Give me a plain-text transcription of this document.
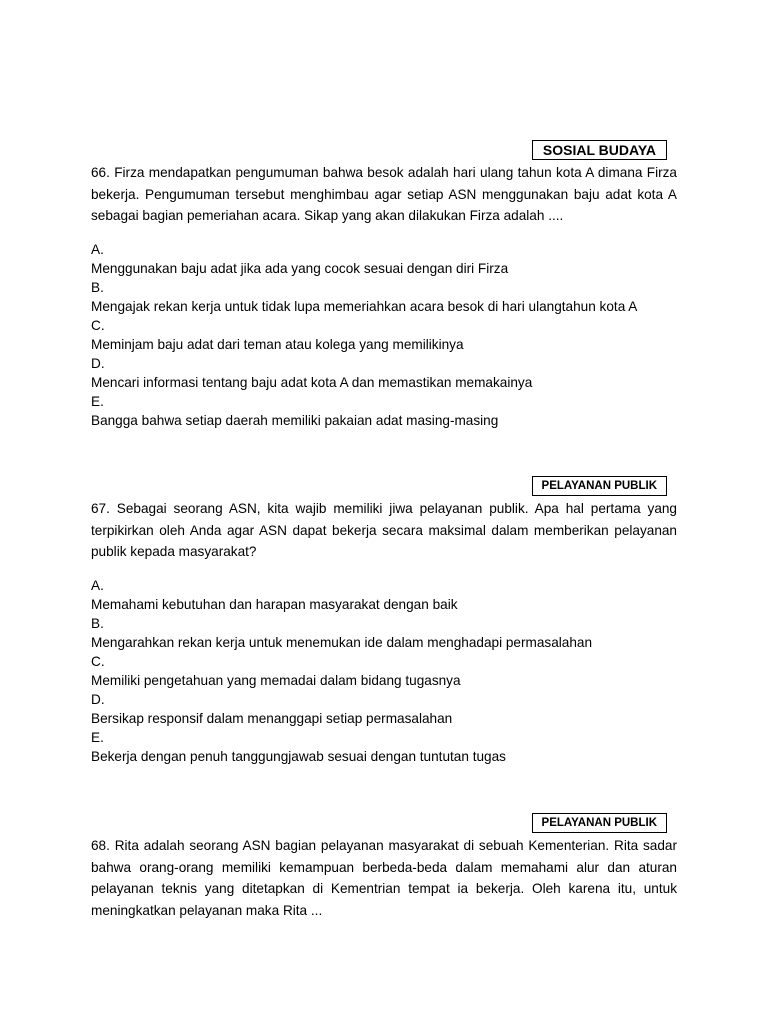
SOSIAL BUDAYA

66. Firza mendapatkan pengumuman bahwa besok adalah hari ulang tahun kota A dimana Firza bekerja. Pengumuman tersebut menghimbau agar setiap ASN menggunakan baju adat kota A sebagai bagian pemeriahan acara. Sikap yang akan dilakukan Firza adalah ....

A.
Menggunakan baju adat jika ada yang cocok sesuai dengan diri Firza
B.
Mengajak rekan kerja untuk tidak lupa memeriahkan acara besok di hari ulangtahun kota A
C.
Meminjam baju adat dari teman atau kolega yang memilikinya
D.
Mencari informasi tentang baju adat kota A dan memastikan memakainya
E.
Bangga bahwa setiap daerah memiliki pakaian adat masing-masing
PELAYANAN PUBLIK

67. Sebagai seorang ASN, kita wajib memiliki jiwa pelayanan publik. Apa hal pertama yang terpikirkan oleh Anda agar ASN dapat bekerja secara maksimal dalam memberikan pelayanan publik kepada masyarakat?

A.
Memahami kebutuhan dan harapan masyarakat dengan baik
B.
Mengarahkan rekan kerja untuk menemukan ide dalam menghadapi permasalahan
C.
Memiliki pengetahuan yang memadai dalam bidang tugasnya
D.
Bersikap responsif dalam menanggapi setiap permasalahan
E.
Bekerja dengan penuh tanggungjawab sesuai dengan tuntutan tugas
PELAYANAN PUBLIK

68. Rita adalah seorang ASN bagian pelayanan masyarakat di sebuah Kementerian. Rita sadar bahwa orang-orang memiliki kemampuan berbeda-beda dalam memahami alur dan aturan pelayanan teknis yang ditetapkan di Kementrian tempat ia bekerja. Oleh karena itu, untuk meningkatkan pelayanan maka Rita ...
